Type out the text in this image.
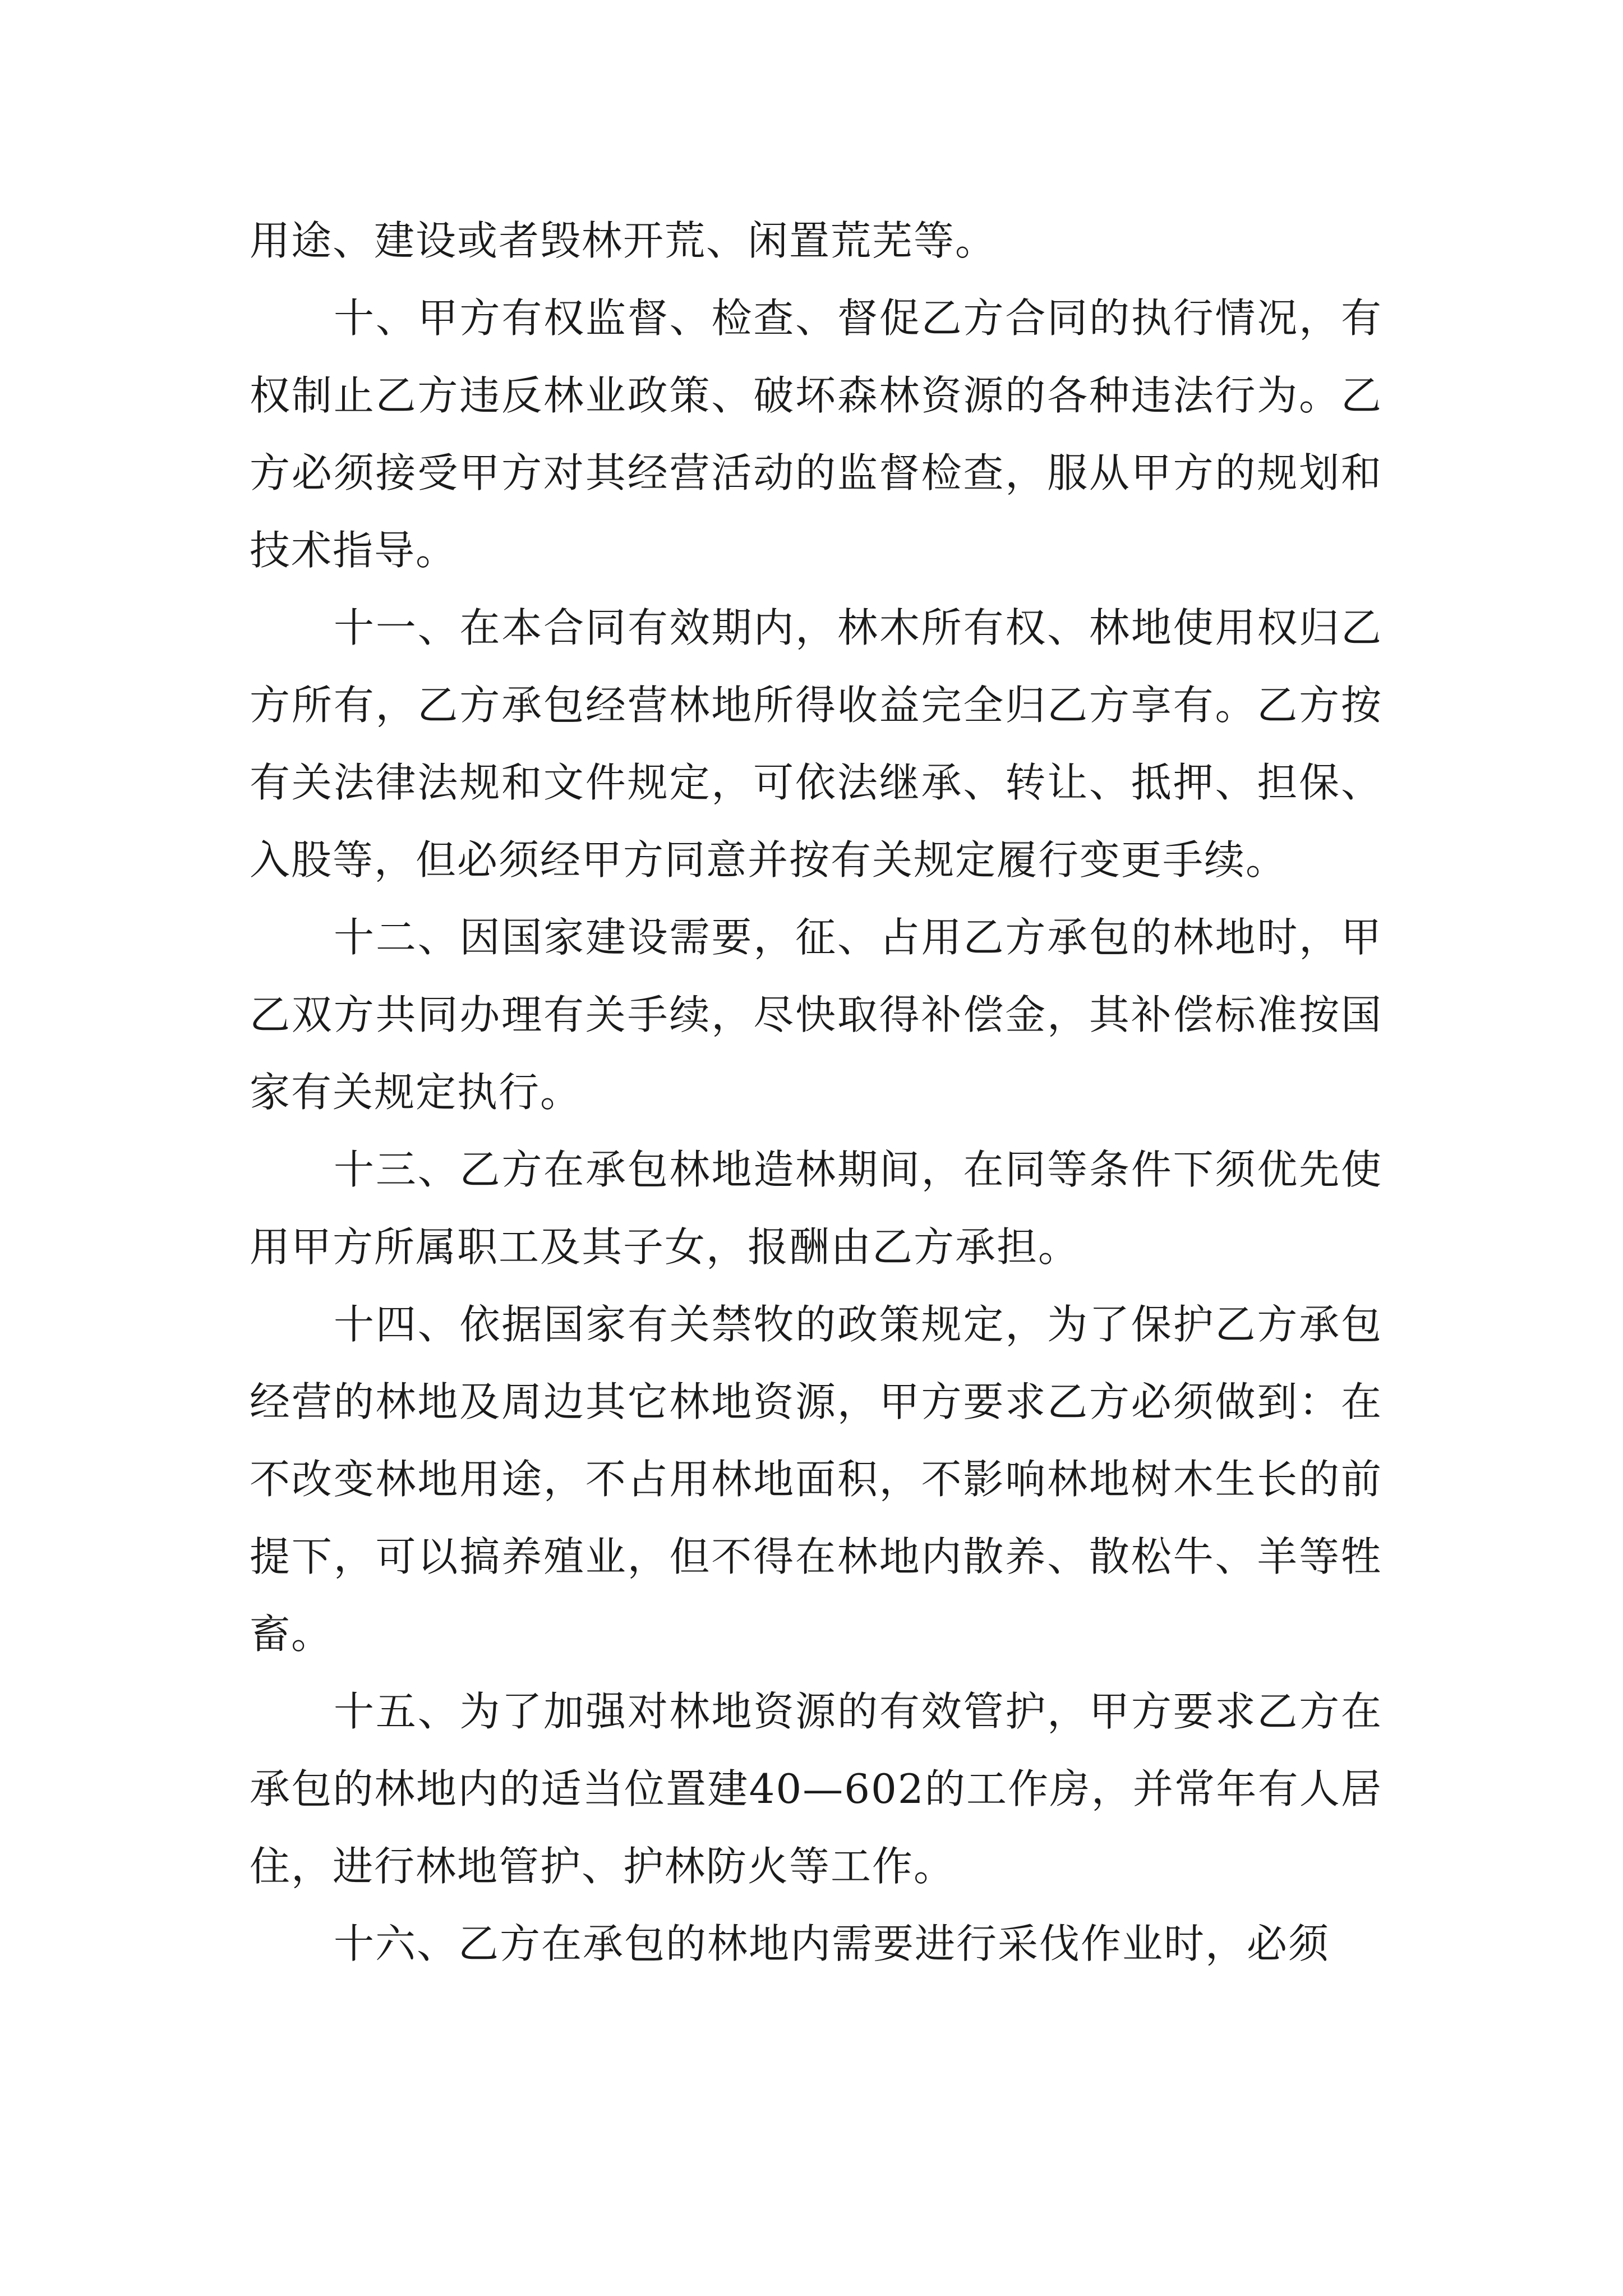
用途、建设或者毁林开荒、闲置荒芜等。

十、甲方有权监督、检查、督促乙方合同的执行情况，有权制止乙方违反林业政策、破坏森林资源的各种违法行为。乙方必须接受甲方对其经营活动的监督检查，服从甲方的规划和技术指导。

十一、在本合同有效期内，林木所有权、林地使用权归乙方所有，乙方承包经营林地所得收益完全归乙方享有。乙方按有关法律法规和文件规定，可依法继承、转让、抵押、担保、入股等，但必须经甲方同意并按有关规定履行变更手续。

十二、因国家建设需要，征、占用乙方承包的林地时，甲乙双方共同办理有关手续，尽快取得补偿金，其补偿标准按国家有关规定执行。

十三、乙方在承包林地造林期间，在同等条件下须优先使用甲方所属职工及其子女，报酬由乙方承担。

十四、依据国家有关禁牧的政策规定，为了保护乙方承包经营的林地及周边其它林地资源，甲方要求乙方必须做到：在不改变林地用途，不占用林地面积，不影响林地树木生长的前提下，可以搞养殖业，但不得在林地内散养、散松牛、羊等牲畜。

十五、为了加强对林地资源的有效管护，甲方要求乙方在承包的林地内的适当位置建40—602的工作房，并常年有人居住，进行林地管护、护林防火等工作。

十六、乙方在承包的林地内需要进行采伐作业时，必须
